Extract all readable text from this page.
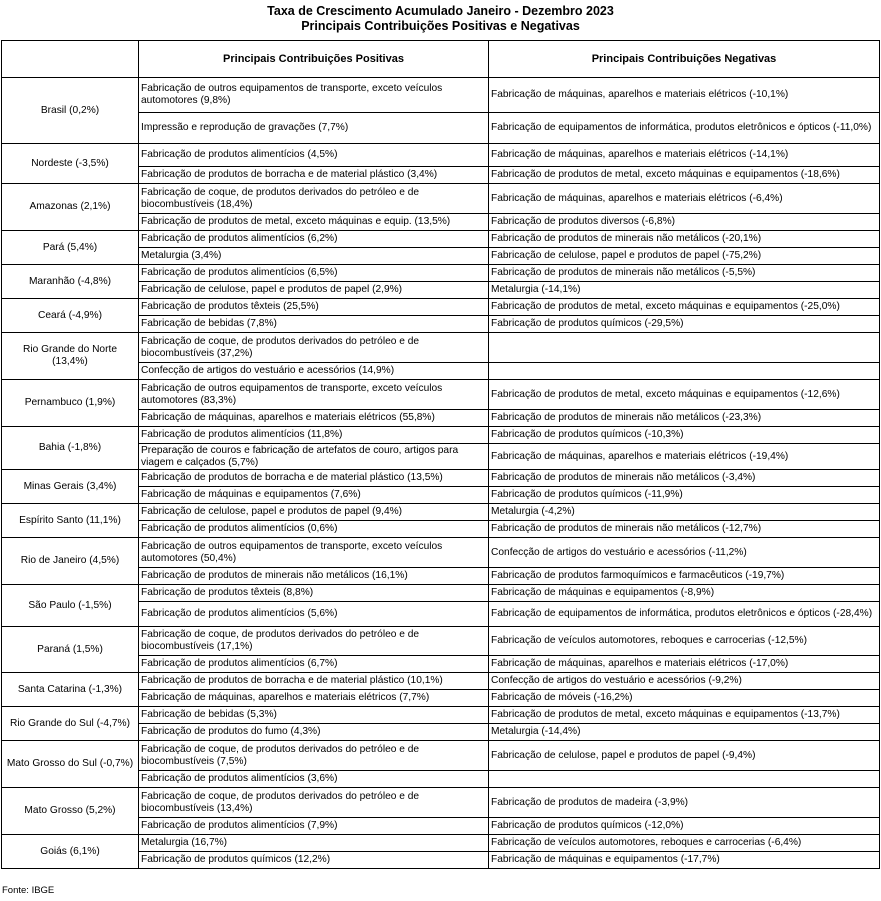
Taxa de Crescimento Acumulado Janeiro - Dezembro 2023
Principais Contribuições Positivas e Negativas
	Principais Contribuições Positivas	Principais Contribuições Negativas
Brasil (0,2%)	Fabricação de outros equipamentos de transporte, exceto veículos automotores (9,8%)	Fabricação de máquinas, aparelhos e materiais elétricos (-10,1%)
	Impressão e reprodução de gravações (7,7%)	Fabricação de equipamentos de informática, produtos eletrônicos e ópticos (-11,0%)
Nordeste (-3,5%)	Fabricação de produtos alimentícios (4,5%)	Fabricação de máquinas, aparelhos e materiais elétricos (-14,1%)
	Fabricação de produtos de borracha e de material plástico (3,4%)	Fabricação de produtos de metal, exceto máquinas e equipamentos (-18,6%)
Amazonas (2,1%)	Fabricação de coque, de produtos derivados do petróleo e de biocombustíveis (18,4%)	Fabricação de máquinas, aparelhos e materiais elétricos (-6,4%)
	Fabricação de produtos de metal, exceto máquinas e equip. (13,5%)	Fabricação de produtos diversos (-6,8%)
Pará (5,4%)	Fabricação de produtos alimentícios (6,2%)	Fabricação de produtos de minerais não metálicos (-20,1%)
	Metalurgia (3,4%)	Fabricação de celulose, papel e produtos de papel (-75,2%)
Maranhão (-4,8%)	Fabricação de produtos alimentícios (6,5%)	Fabricação de produtos de minerais não metálicos (-5,5%)
	Fabricação de celulose, papel e produtos de papel (2,9%)	Metalurgia (-14,1%)
Ceará (-4,9%)	Fabricação de produtos têxteis (25,5%)	Fabricação de produtos de metal, exceto máquinas e equipamentos (-25,0%)
	Fabricação de bebidas (7,8%)	Fabricação de produtos químicos (-29,5%)
Rio Grande do Norte (13,4%)	Fabricação de coque, de produtos derivados do petróleo e de biocombustíveis (37,2%)	
	Confecção de artigos do vestuário e acessórios (14,9%)	
Pernambuco (1,9%)	Fabricação de outros equipamentos de transporte, exceto veículos automotores (83,3%)	Fabricação de produtos de metal, exceto máquinas e equipamentos (-12,6%)
	Fabricação de máquinas, aparelhos e materiais elétricos (55,8%)	Fabricação de produtos de minerais não metálicos (-23,3%)
Bahia (-1,8%)	Fabricação de produtos alimentícios (11,8%)	Fabricação de produtos químicos (-10,3%)
	Preparação de couros e fabricação de artefatos de couro, artigos para viagem e calçados (5,7%)	Fabricação de máquinas, aparelhos e materiais elétricos (-19,4%)
Minas Gerais (3,4%)	Fabricação de produtos de borracha e de material plástico (13,5%)	Fabricação de produtos de minerais não metálicos (-3,4%)
	Fabricação de máquinas e equipamentos (7,6%)	Fabricação de produtos químicos (-11,9%)
Espírito Santo (11,1%)	Fabricação de celulose, papel e produtos de papel (9,4%)	Metalurgia (-4,2%)
	Fabricação de produtos alimentícios (0,6%)	Fabricação de produtos de minerais não metálicos (-12,7%)
Rio de Janeiro (4,5%)	Fabricação de outros equipamentos de transporte, exceto veículos automotores (50,4%)	Confecção de artigos do vestuário e acessórios (-11,2%)
	Fabricação de produtos de minerais não metálicos (16,1%)	Fabricação de produtos farmoquímicos e farmacêuticos (-19,7%)
São Paulo (-1,5%)	Fabricação de produtos têxteis (8,8%)	Fabricação de máquinas e equipamentos (-8,9%)
	Fabricação de produtos alimentícios (5,6%)	Fabricação de equipamentos de informática, produtos eletrônicos e ópticos (-28,4%)
Paraná (1,5%)	Fabricação de coque, de produtos derivados do petróleo e de biocombustíveis (17,1%)	Fabricação de veículos automotores, reboques e carrocerias (-12,5%)
	Fabricação de produtos alimentícios (6,7%)	Fabricação de máquinas, aparelhos e materiais elétricos (-17,0%)
Santa Catarina (-1,3%)	Fabricação de produtos de borracha e de material plástico (10,1%)	Confecção de artigos do vestuário e acessórios (-9,2%)
	Fabricação de máquinas, aparelhos e materiais elétricos (7,7%)	Fabricação de móveis (-16,2%)
Rio Grande do Sul (-4,7%)	Fabricação de bebidas (5,3%)	Fabricação de produtos de metal, exceto máquinas e equipamentos (-13,7%)
	Fabricação de produtos do fumo (4,3%)	Metalurgia (-14,4%)
Mato Grosso do Sul (-0,7%)	Fabricação de coque, de produtos derivados do petróleo e de biocombustíveis (7,5%)	Fabricação de celulose, papel e produtos de papel (-9,4%)
	Fabricação de produtos alimentícios (3,6%)	
Mato Grosso (5,2%)	Fabricação de coque, de produtos derivados do petróleo e de biocombustíveis (13,4%)	Fabricação de produtos de madeira (-3,9%)
	Fabricação de produtos alimentícios (7,9%)	Fabricação de produtos químicos (-12,0%)
Goiás (6,1%)	Metalurgia (16,7%)	Fabricação de veículos automotores, reboques e carrocerias (-6,4%)
	Fabricação de produtos químicos (12,2%)	Fabricação de máquinas e equipamentos (-17,7%)
Fonte: IBGE
